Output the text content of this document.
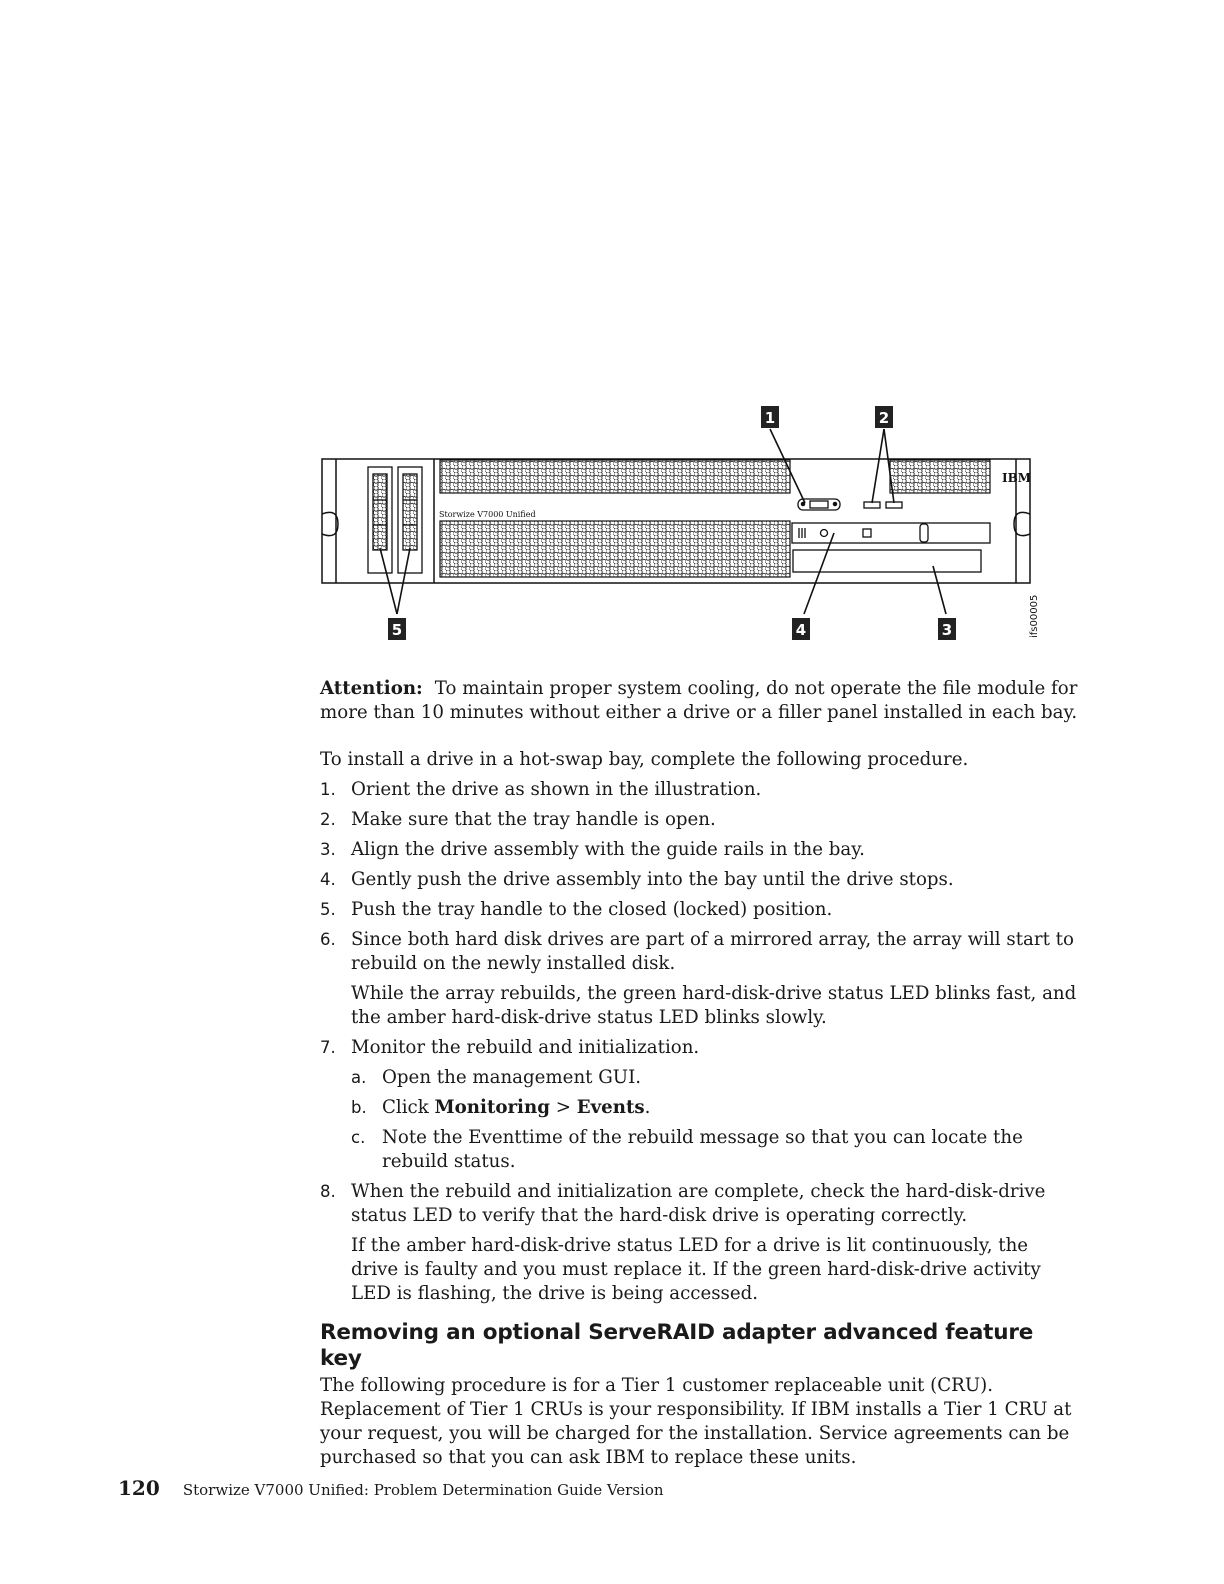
Storwize V7000 Unified
IBM
1	2
3
4
5	ifs00005

Attention: To maintain proper system cooling, do not operate the file module for more than 10 minutes without either a drive or a filler panel installed in each bay.

To install a drive in a hot-swap bay, complete the following procedure.

1. Orient the drive as shown in the illustration.
2. Make sure that the tray handle is open.
3. Align the drive assembly with the guide rails in the bay.
4. Gently push the drive assembly into the bay until the drive stops.
5. Push the tray handle to the closed (locked) position.
6. Since both hard disk drives are part of a mirrored array, the array will start to rebuild on the newly installed disk.

While the array rebuilds, the green hard-disk-drive status LED blinks fast, and the amber hard-disk-drive status LED blinks slowly.

7. Monitor the rebuild and initialization.
a. Open the management GUI.
b. Click Monitoring > Events.
c. Note the Eventtime of the rebuild message so that you can locate the rebuild status.
8. When the rebuild and initialization are complete, check the hard-disk-drive status LED to verify that the hard-disk drive is operating correctly.

If the amber hard-disk-drive status LED for a drive is lit continuously, the drive is faulty and you must replace it. If the green hard-disk-drive activity LED is flashing, the drive is being accessed.

Removing an optional ServeRAID adapter advanced feature key

The following procedure is for a Tier 1 customer replaceable unit (CRU). Replacement of Tier 1 CRUs is your responsibility. If IBM installs a Tier 1 CRU at your request, you will be charged for the installation. Service agreements can be purchased so that you can ask IBM to replace these units.

120 Storwize V7000 Unified: Problem Determination Guide Version
